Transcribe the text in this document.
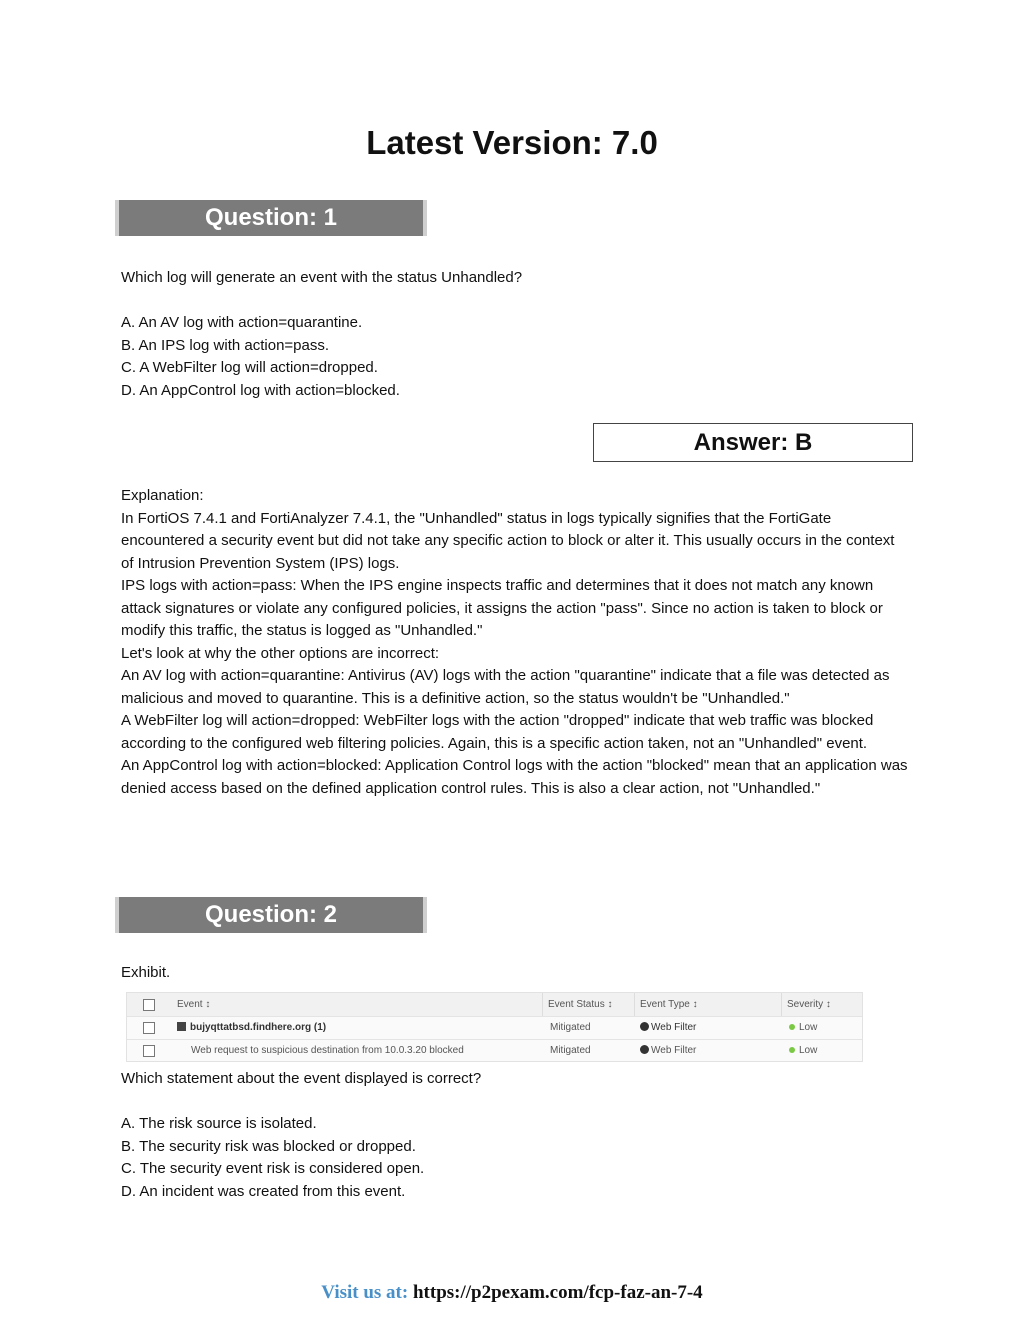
Latest Version: 7.0
Question: 1
Which log will generate an event with the status Unhandled?

A. An AV log with action=quarantine.

B. An IPS log with action=pass.

C. A WebFilter log will action=dropped.

D. An AppControl log with action=blocked.

Answer: B

Explanation:

In FortiOS 7.4.1 and FortiAnalyzer 7.4.1, the "Unhandled" status in logs typically signifies that the FortiGate encountered a security event but did not take any specific action to block or alter it. This usually occurs in the context of Intrusion Prevention System (IPS) logs.

IPS logs with action=pass: When the IPS engine inspects traffic and determines that it does not match any known attack signatures or violate any configured policies, it assigns the action "pass". Since no action is taken to block or modify this traffic, the status is logged as "Unhandled."

Let's look at why the other options are incorrect:

An AV log with action=quarantine: Antivirus (AV) logs with the action "quarantine" indicate that a file was detected as malicious and moved to quarantine. This is a definitive action, so the status wouldn't be "Unhandled."

A WebFilter log will action=dropped: WebFilter logs with the action "dropped" indicate that web traffic was blocked according to the configured web filtering policies. Again, this is a specific action taken, not an "Unhandled" event.

An AppControl log with action=blocked: Application Control logs with the action "blocked" mean that an application was denied access based on the defined application control rules. This is also a clear action, not "Unhandled."

Question: 2
Exhibit.
Event ↕	Event Status ↕	Event Type ↕	Severity ↕
bujyqttatbsd.findhere.org (1)	Mitigated	Web Filter	Low
Web request to suspicious destination from 10.0.3.20 blocked	Mitigated	Web Filter	Low
Which statement about the event displayed is correct?

A. The risk source is isolated.

B. The security risk was blocked or dropped.

C. The security event risk is considered open.

D. An incident was created from this event.

Visit us at: https://p2pexam.com/fcp-faz-an-7-4
